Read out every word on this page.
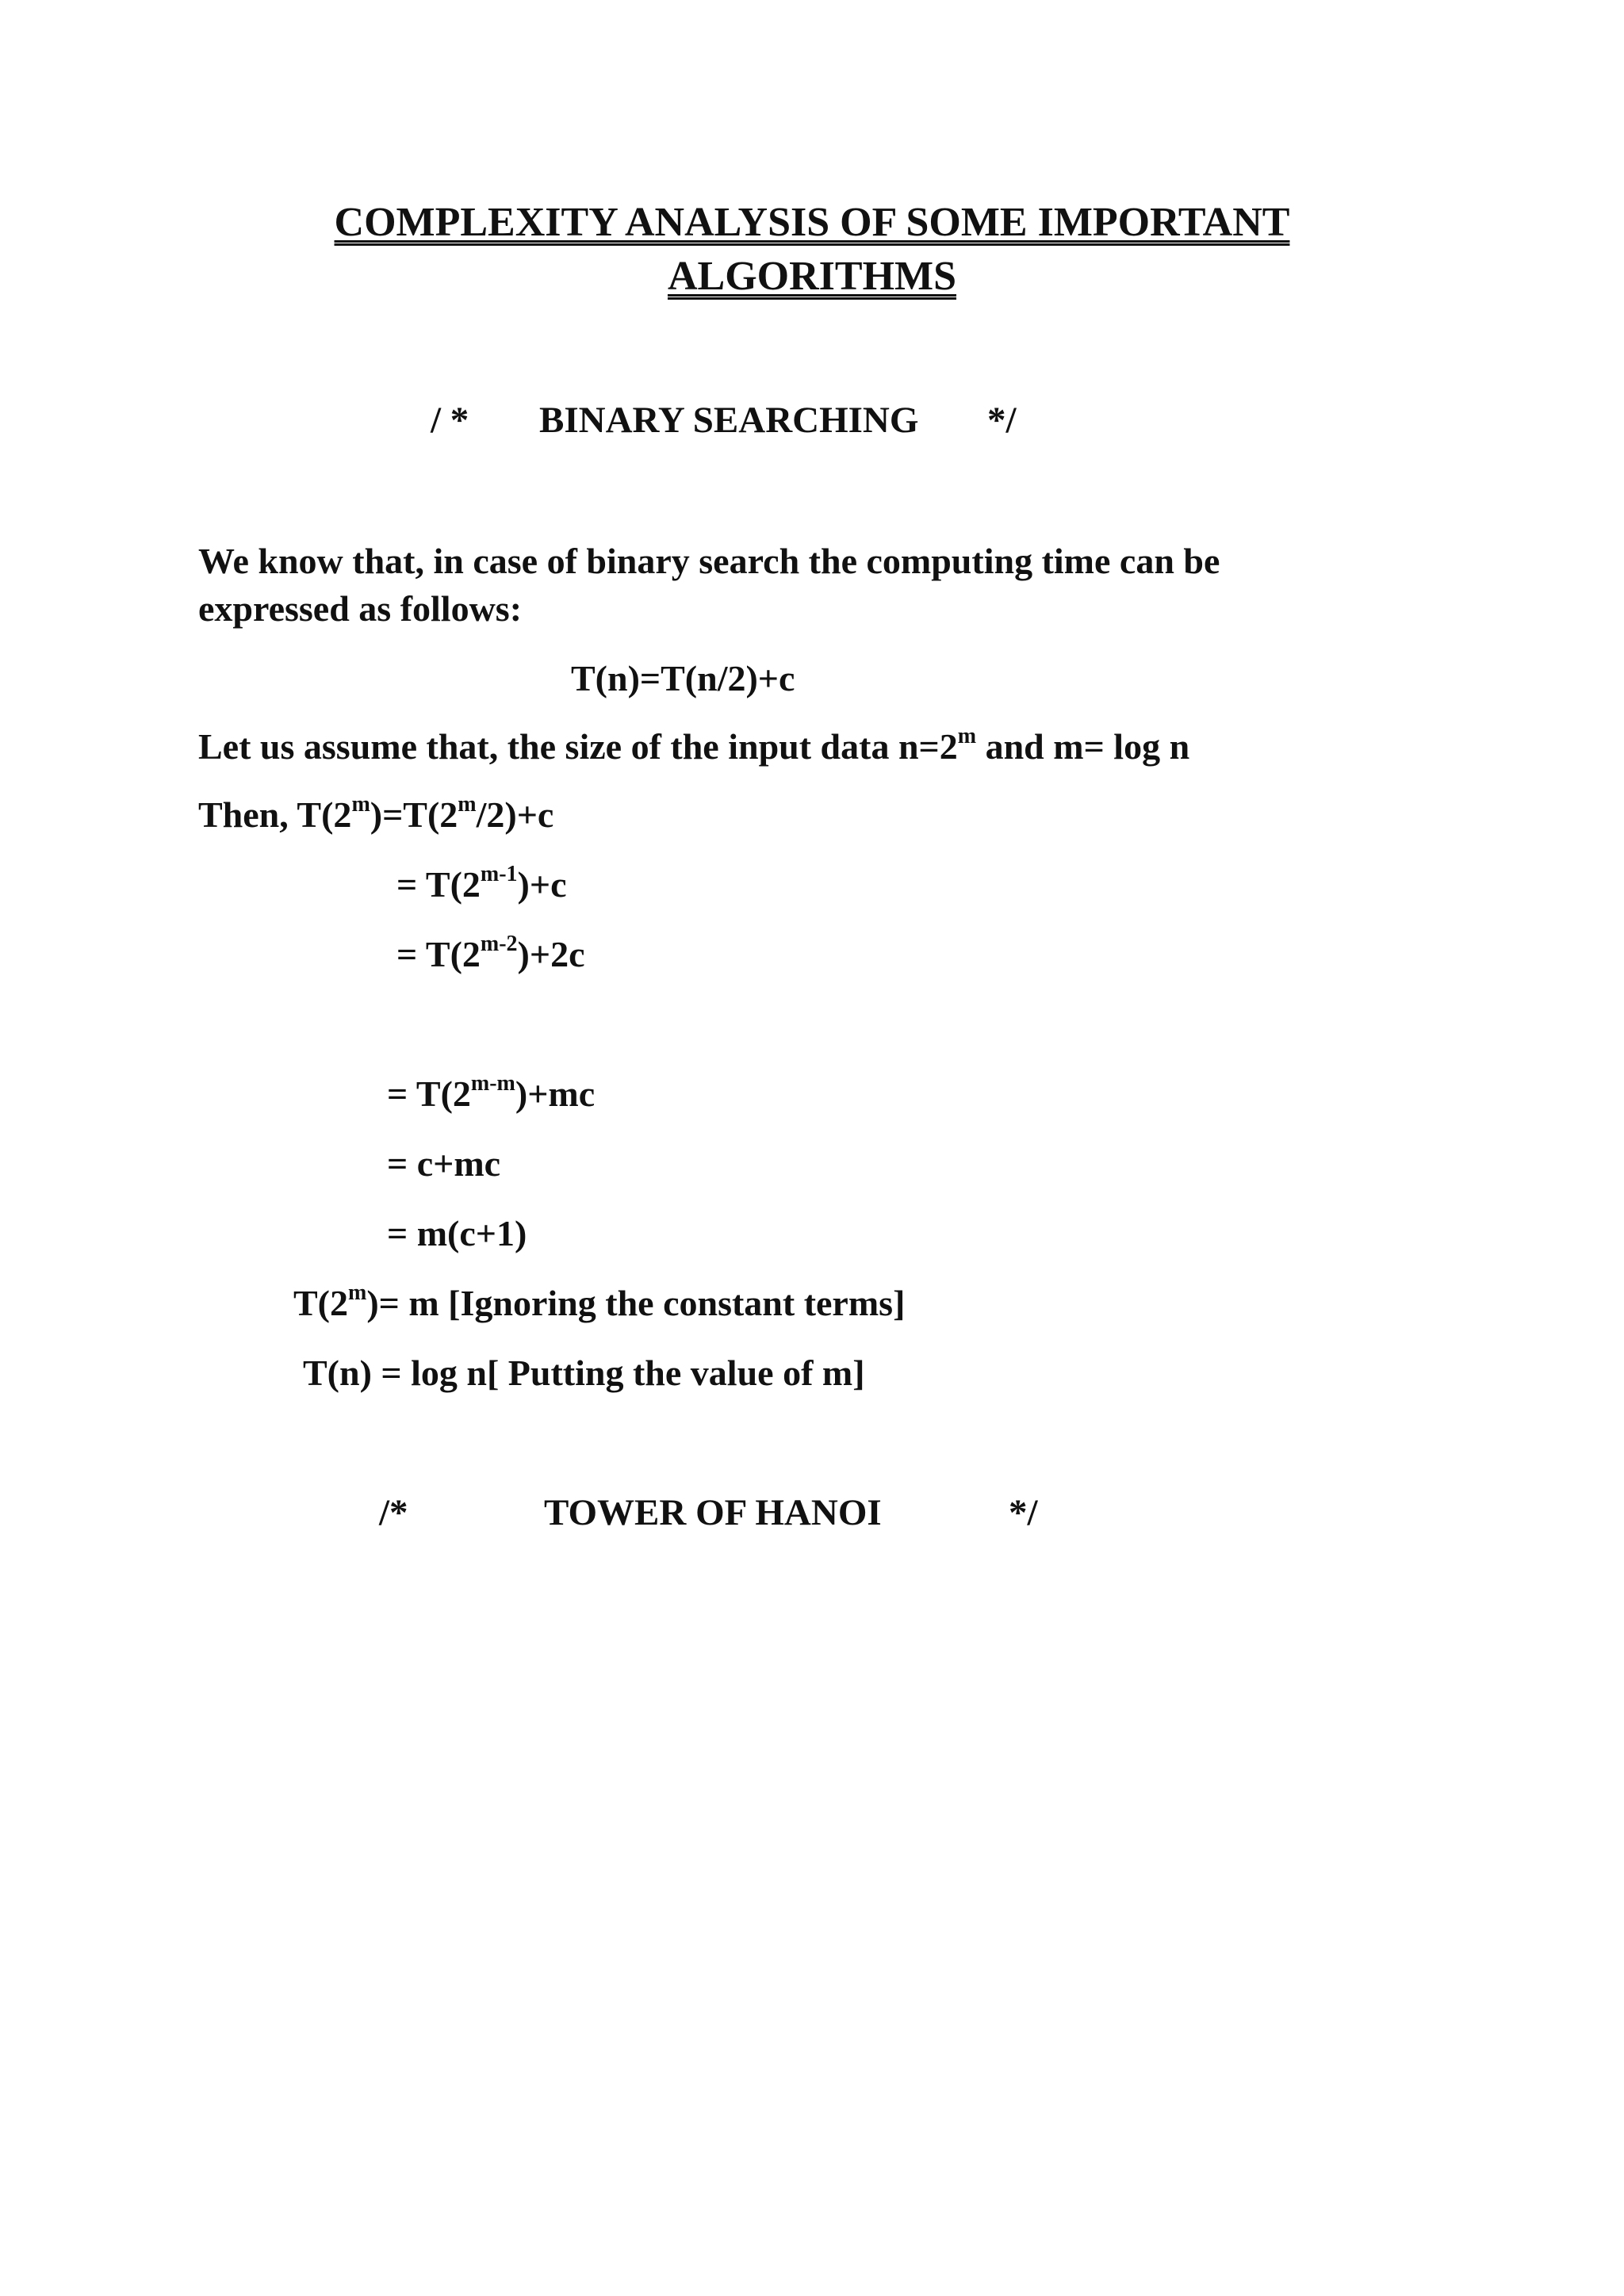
COMPLEXITY ANALYSIS OF SOME IMPORTANT
ALGORITHMS
/ * BINARY SEARCHING */
We know that, in case of binary search the computing time can be
expressed as follows:
T(n)=T(n/2)+c
Let us assume that, the size of the input data $n=2^m$ and m= log n
Then, $T(2^m)=T(2^m/2)+c$
= $T(2^{m-1})+c$
= $T(2^{m-2})+2c$
= $T(2^{m-m})+mc$
= c+mc
= m(c+1)
$T(2^m)= m$ [Ignoring the constant terms]
T(n) = log n[ Putting the value of m]
/*	TOWER OF HANOI	*/
